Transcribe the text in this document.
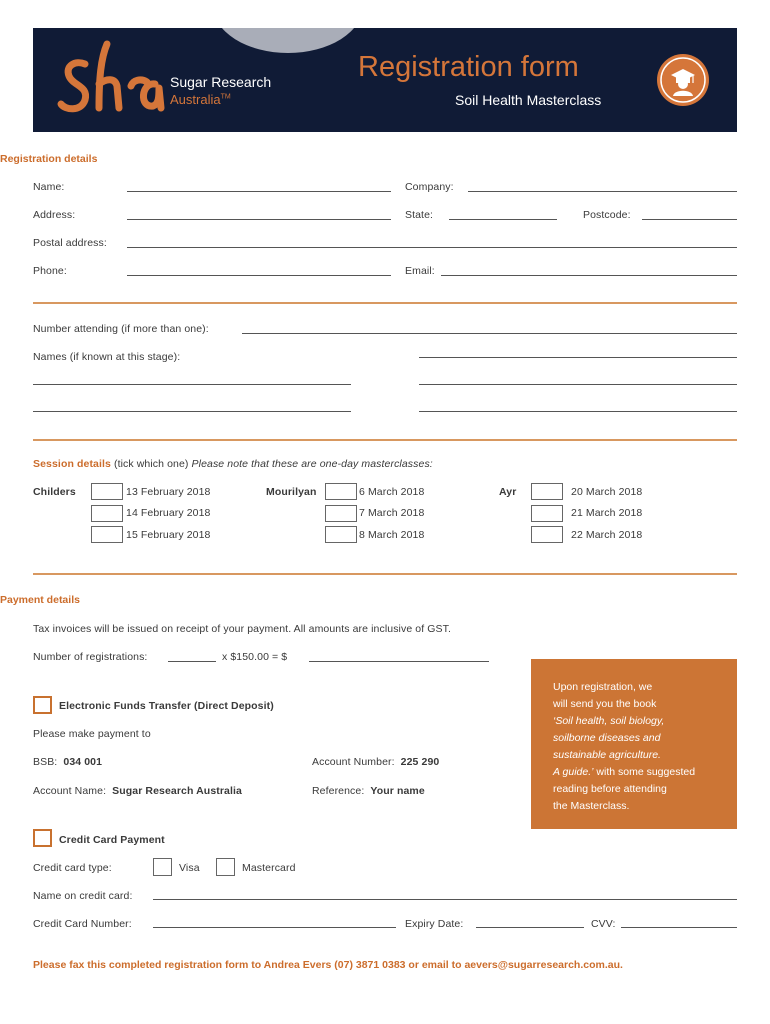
Sugar Research
Australia™
Registration form
Soil Health Masterclass
Registration details
Name:	Company:
Address:	State:	Postcode:
Postal address:
Phone:	Email:
Number attending (if more than one):
Names (if known at this stage):
Session details (tick which one) Please note that these are one-day masterclasses:
Childers	13 February 2018
14 February 2018
15 February 2018
Mourilyan	6 March 2018
7 March 2018
8 March 2018
Ayr	20 March 2018
21 March 2018
22 March 2018
Payment details
Tax invoices will be issued on receipt of your payment. All amounts are inclusive of GST.
Number of registrations:	x $150.00 = $
Electronic Funds Transfer (Direct Deposit)
Please make payment to
BSB: 034 001	Account Number: 225 290
Account Name: Sugar Research Australia	Reference: Your name
Credit Card Payment
Credit card type:	Visa	Mastercard
Name on credit card:
Credit Card Number:	Expiry Date:	CVV:
Upon registration, we
will send you the book
‘Soil health, soil biology,
soilborne diseases and
sustainable agriculture.
A guide.’ with some suggested
reading before attending
the Masterclass.
Please fax this completed registration form to Andrea Evers (07) 3871 0383 or email to aevers@sugarresearch.com.au.
